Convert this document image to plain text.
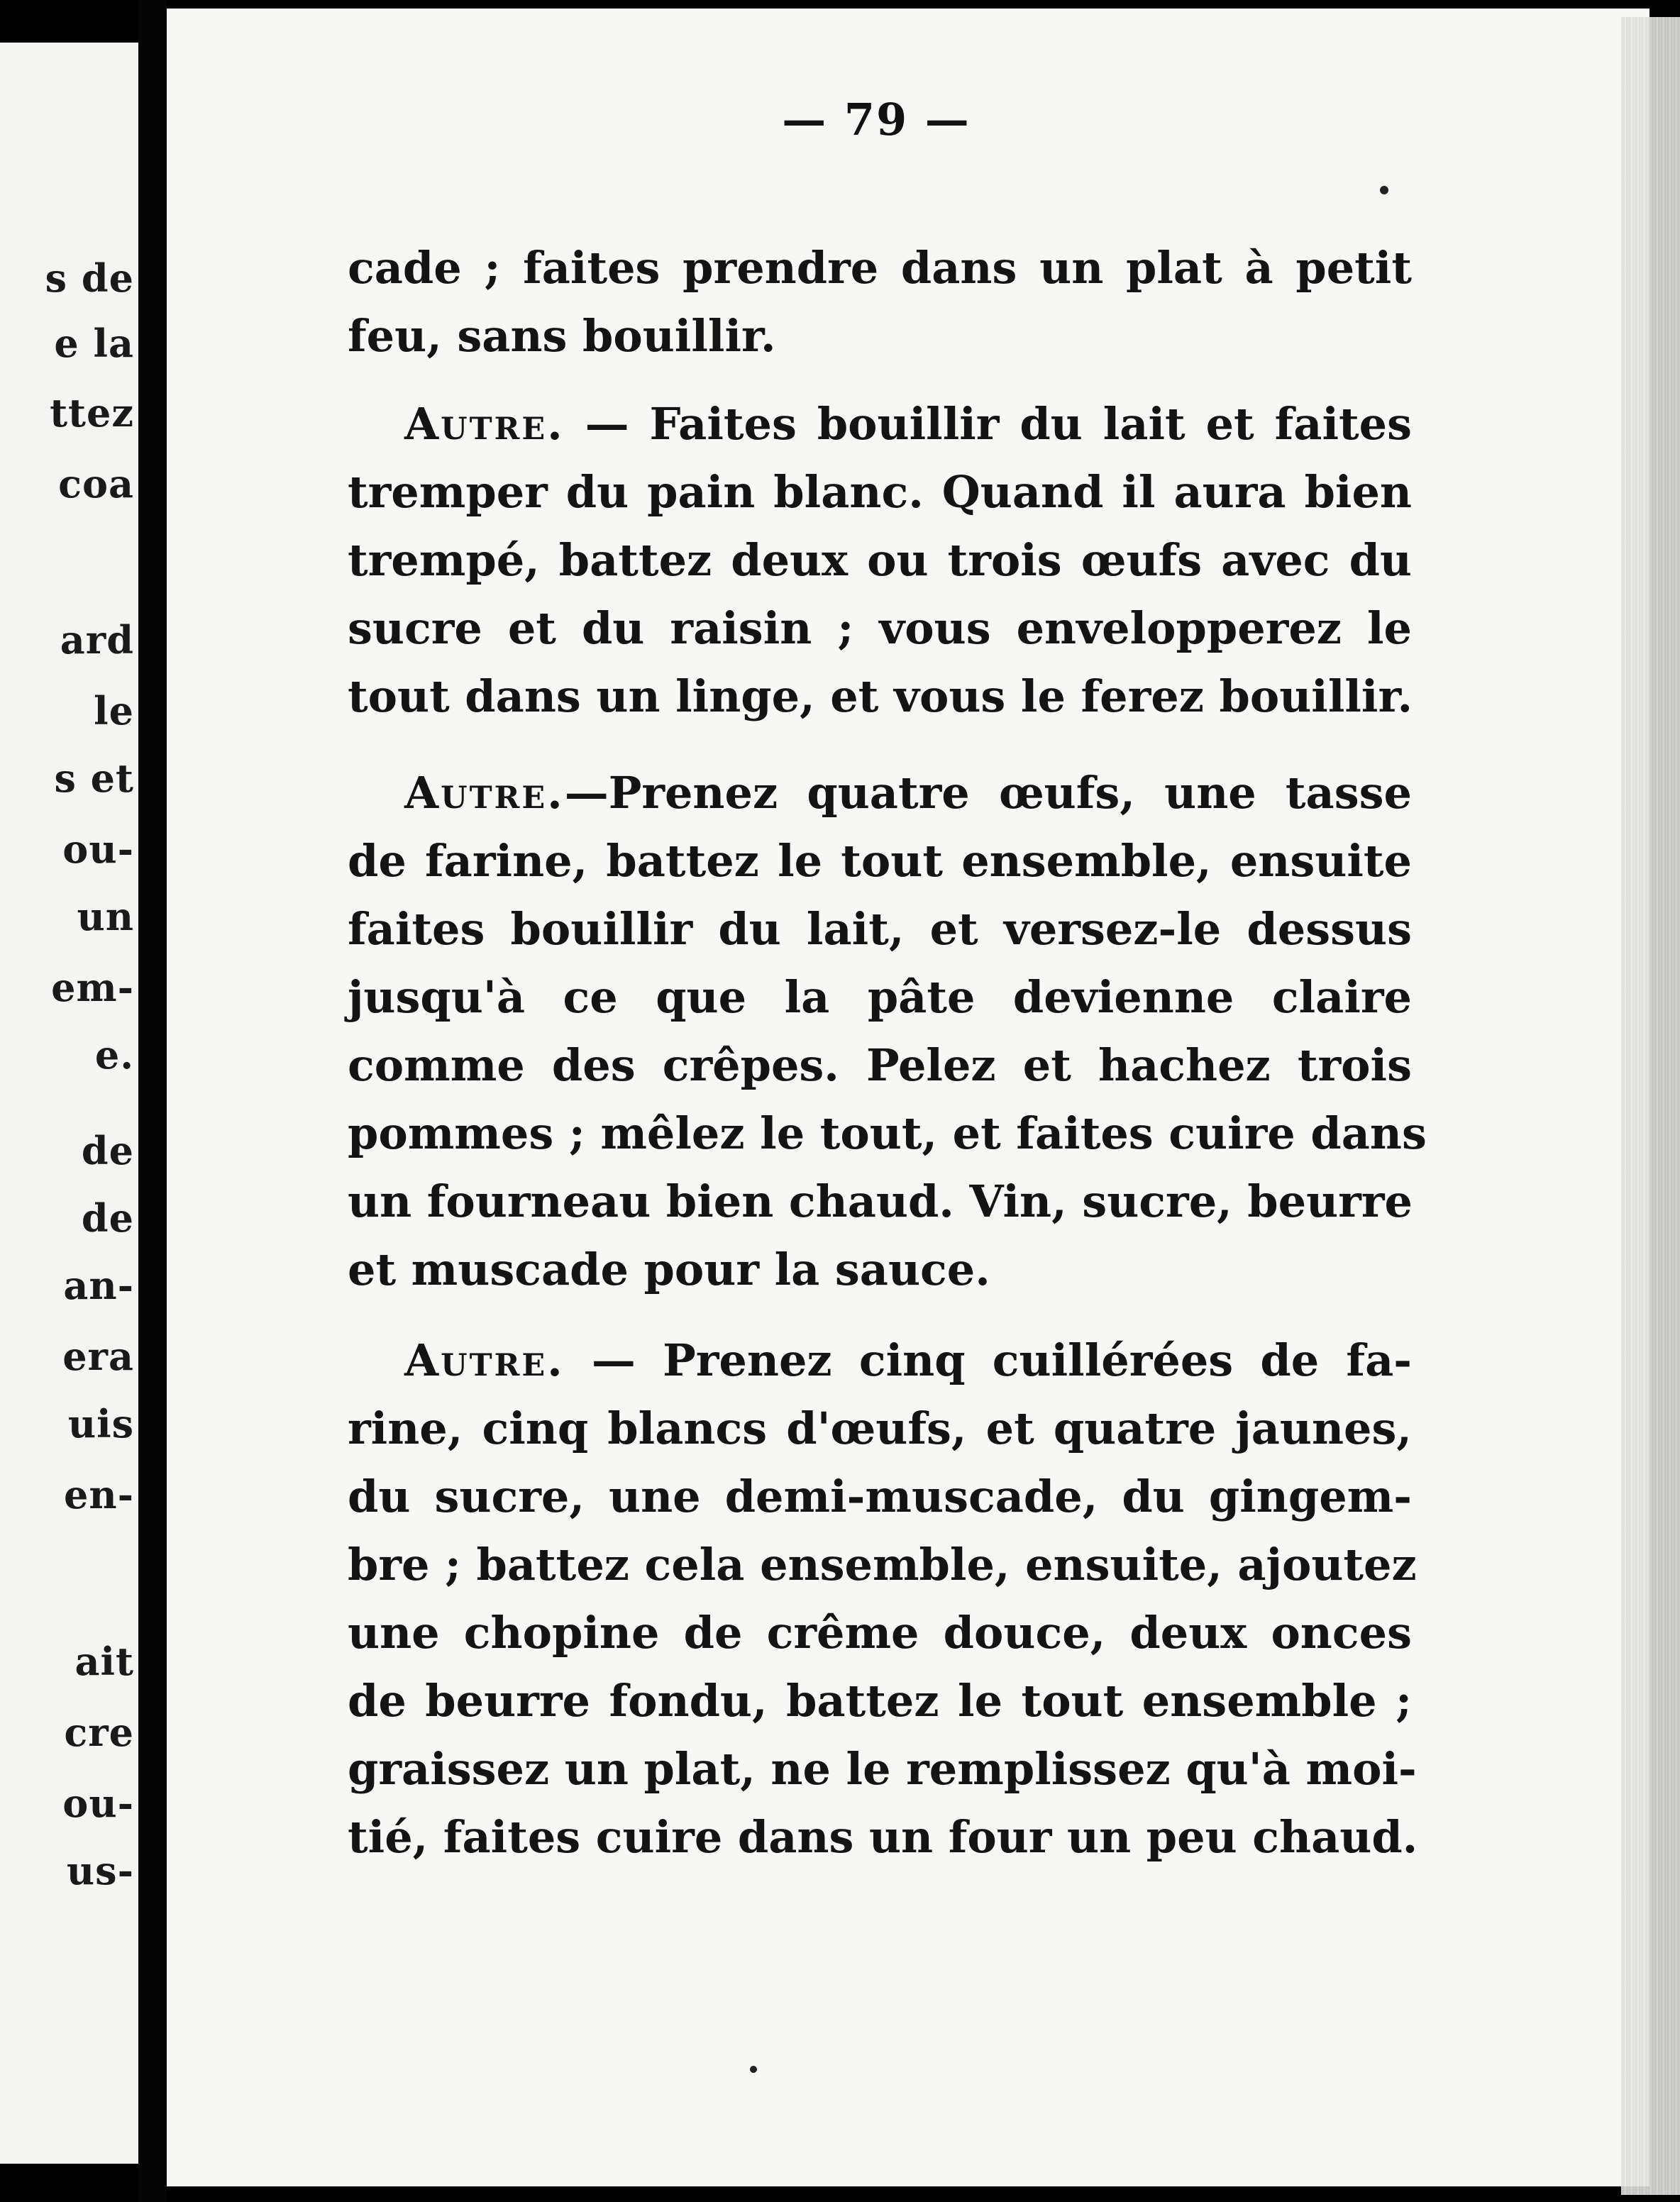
s de
e la
ttez
coa
ard
le
s et
ou-
un
em-
e.
de
de
an-
era
uis
en-
ait
cre
ou-
us-
— 79 —
cade ; faites prendre dans un plat à petit
feu, sans bouillir.
Autre. — Faites bouillir du lait et faites
tremper du pain blanc. Quand il aura bien
trempé, battez deux ou trois œufs avec du
sucre et du raisin ; vous envelopperez le
tout dans un linge, et vous le ferez bouillir.
Autre.—Prenez quatre œufs, une tasse
de farine, battez le tout ensemble, ensuite
faites bouillir du lait, et versez-le dessus
jusqu'à ce que la pâte devienne claire
comme des crêpes. Pelez et hachez trois
pommes ; mêlez le tout, et faites cuire dans
un fourneau bien chaud. Vin, sucre, beurre
et muscade pour la sauce.
Autre. — Prenez cinq cuillérées de fa-
rine, cinq blancs d'œufs, et quatre jaunes,
du sucre, une demi-muscade, du gingem-
bre ; battez cela ensemble, ensuite, ajoutez
une chopine de crême douce, deux onces
de beurre fondu, battez le tout ensemble ;
graissez un plat, ne le remplissez qu'à moi-
tié, faites cuire dans un four un peu chaud.
